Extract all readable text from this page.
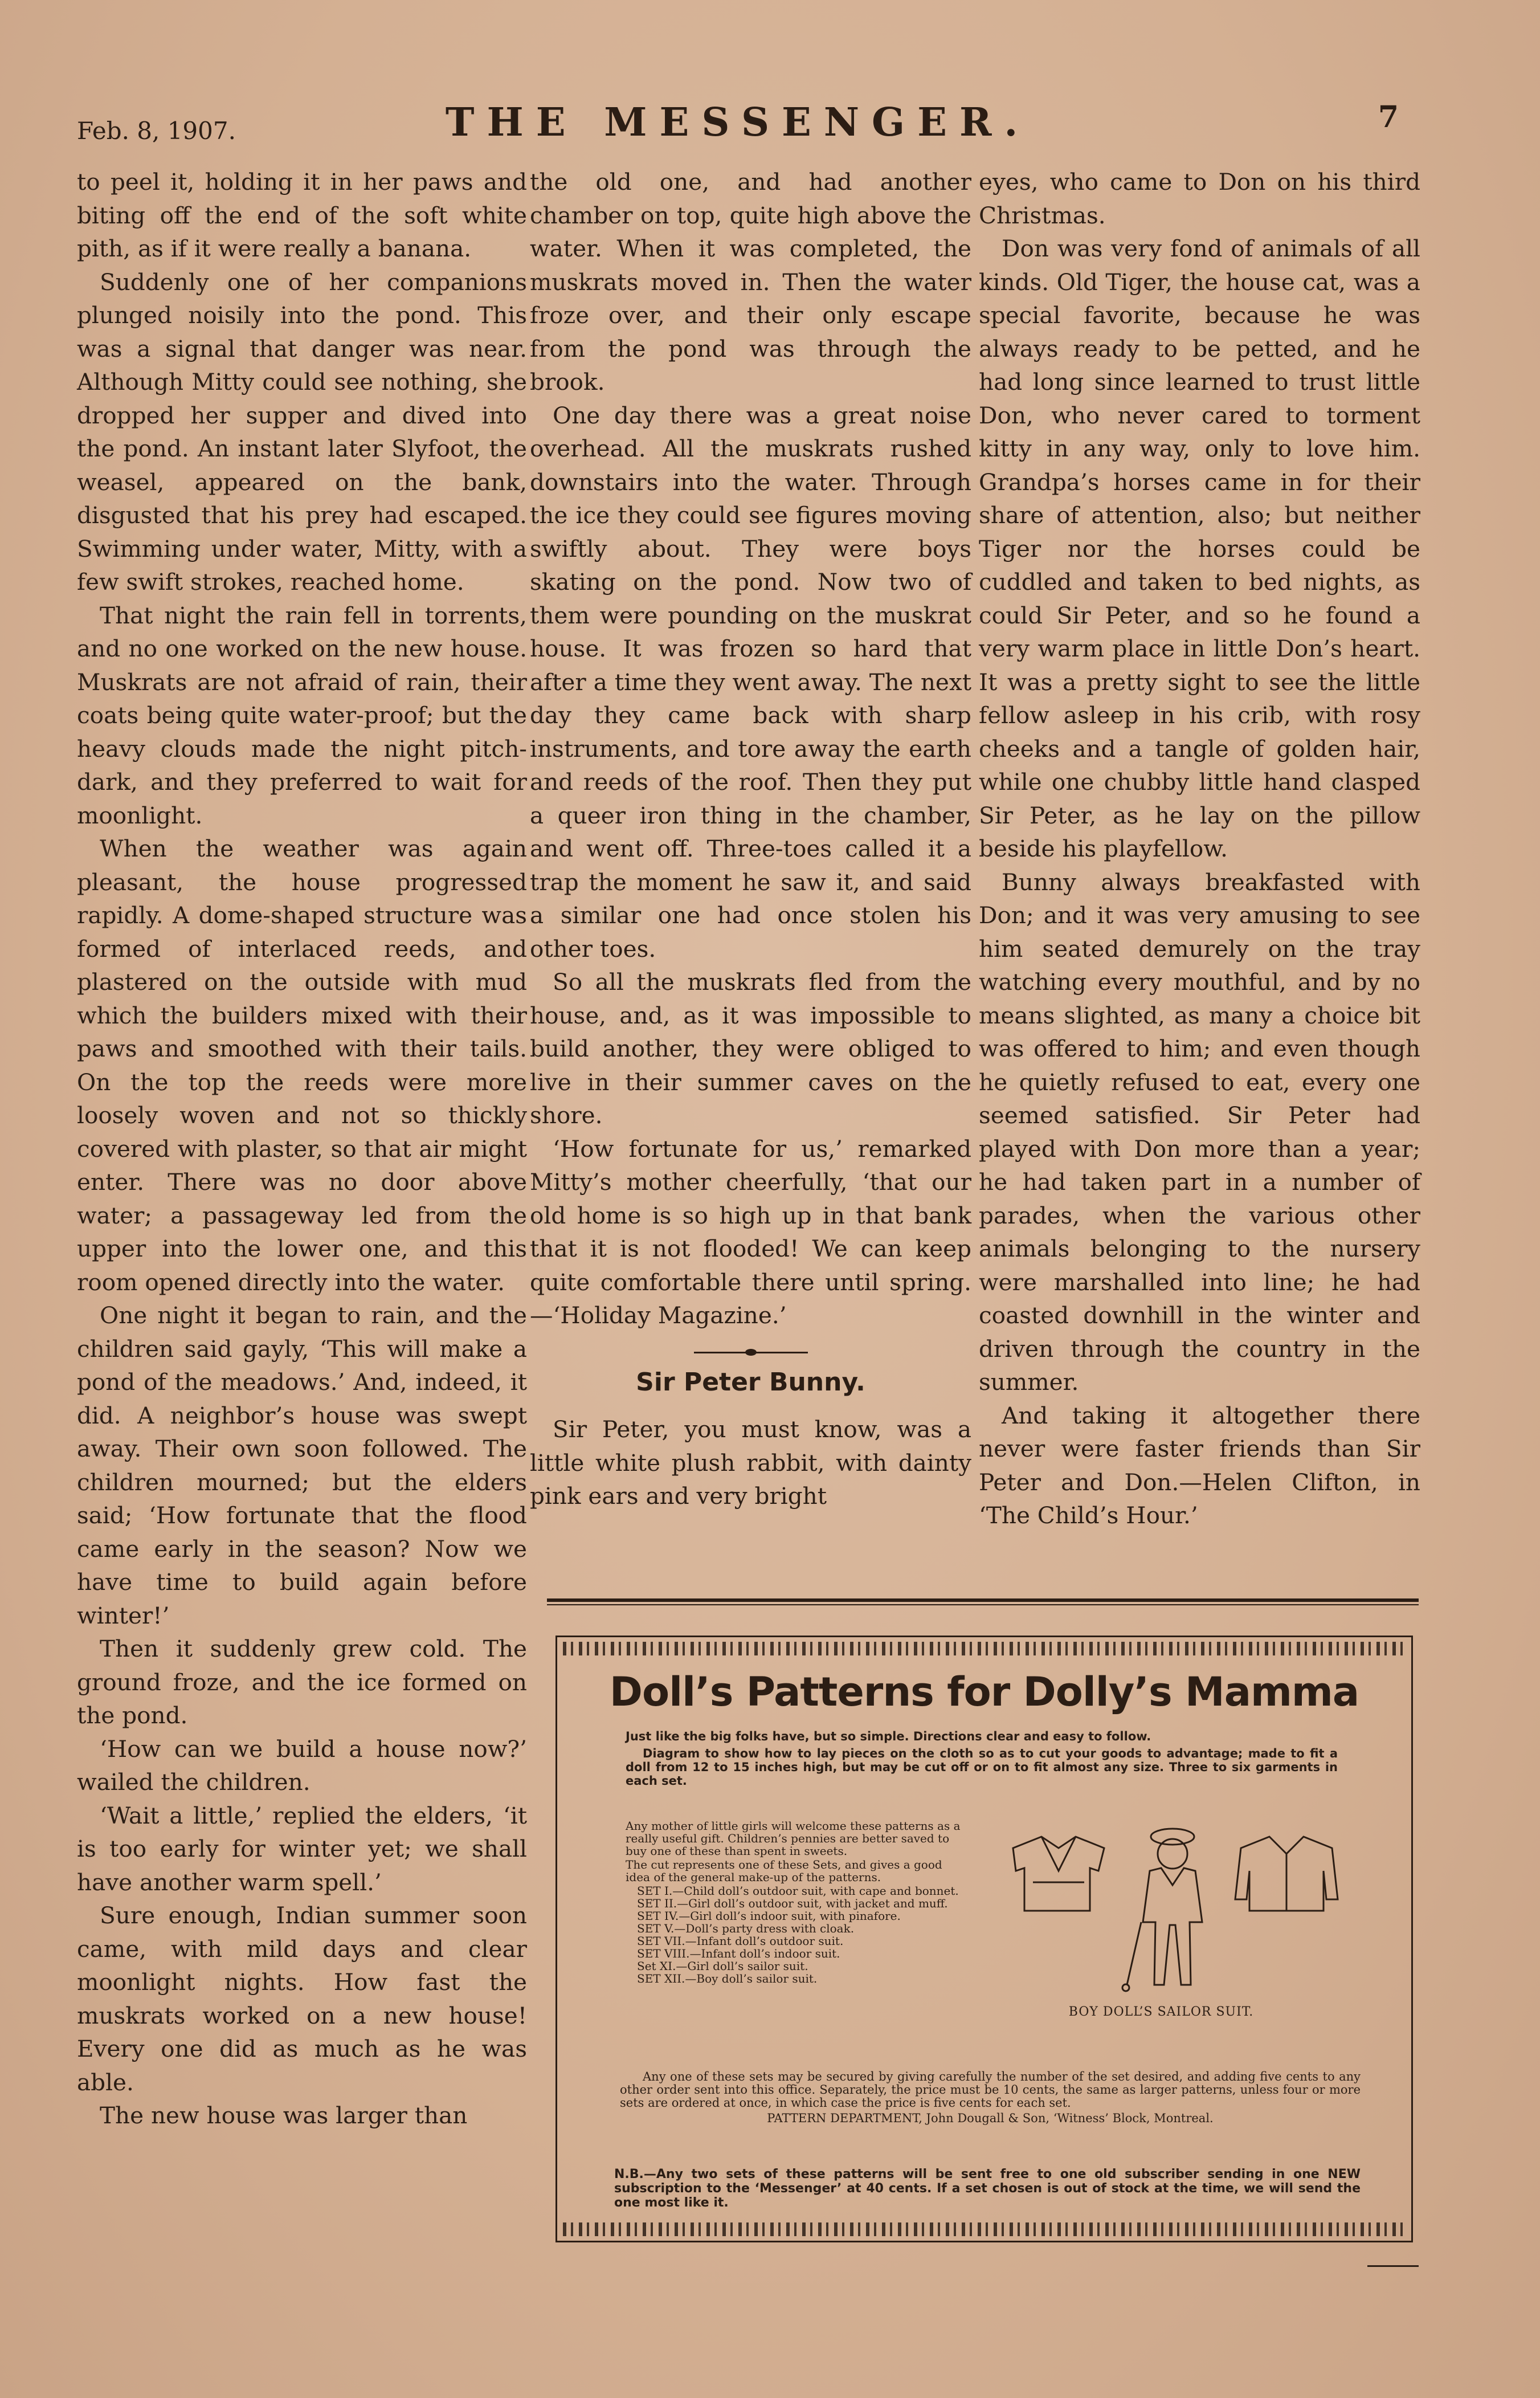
Feb. 8, 1907.	THE MESSENGER.	7

to peel it, holding it in her paws and biting off the end of the soft white pith, as if it were really a banana.

Suddenly one of her companions plunged noisily into the pond. This was a signal that danger was near. Although Mitty could see nothing, she dropped her supper and dived into the pond. An instant later Slyfoot, the weasel, appeared on the bank, disgusted that his prey had escaped. Swimming under water, Mitty, with a few swift strokes, reached home.

That night the rain fell in torrents, and no one worked on the new house. Muskrats are not afraid of rain, their coats being quite water-proof; but the heavy clouds made the night pitch-dark, and they preferred to wait for moonlight.

When the weather was again pleasant, the house progressed rapidly. A dome-shaped structure was formed of interlaced reeds, and plastered on the outside with mud which the builders mixed with their paws and smoothed with their tails. On the top the reeds were more loosely woven and not so thickly covered with plaster, so that air might enter. There was no door above water; a passageway led from the upper into the lower one, and this room opened directly into the water.

One night it began to rain, and the children said gayly, ‘This will make a pond of the meadows.’ And, indeed, it did. A neighbor’s house was swept away. Their own soon followed. The children mourned; but the elders said; ‘How fortunate that the flood came early in the season? Now we have time to build again before winter!’

Then it suddenly grew cold. The ground froze, and the ice formed on the pond.

‘How can we build a house now?’ wailed the children.

‘Wait a little,’ replied the elders, ‘it is too early for winter yet; we shall have another warm spell.’

Sure enough, Indian summer soon came, with mild days and clear moonlight nights. How fast the muskrats worked on a new house! Every one did as much as he was able.

The new house was larger than

the old one, and had another chamber on top, quite high above the water. When it was completed, the muskrats moved in. Then the water froze over, and their only escape from the pond was through the brook.

One day there was a great noise overhead. All the muskrats rushed downstairs into the water. Through the ice they could see figures moving swiftly about. They were boys skating on the pond. Now two of them were pounding on the muskrat house. It was frozen so hard that after a time they went away. The next day they came back with sharp instruments, and tore away the earth and reeds of the roof. Then they put a queer iron thing in the chamber, and went off. Three-toes called it a trap the moment he saw it, and said a similar one had once stolen his other toes.

So all the muskrats fled from the house, and, as it was impossible to build another, they were obliged to live in their summer caves on the shore.

‘How fortunate for us,’ remarked Mitty’s mother cheerfully, ‘that our old home is so high up in that bank that it is not flooded! We can keep quite comfortable there until spring.—‘Holiday Magazine.’

Sir Peter Bunny.

Sir Peter, you must know, was a little white plush rabbit, with dainty pink ears and very bright

eyes, who came to Don on his third Christmas.

Don was very fond of animals of all kinds. Old Tiger, the house cat, was a special favorite, because he was always ready to be petted, and he had long since learned to trust little Don, who never cared to torment kitty in any way, only to love him. Grandpa’s horses came in for their share of attention, also; but neither Tiger nor the horses could be cuddled and taken to bed nights, as could Sir Peter, and so he found a very warm place in little Don’s heart. It was a pretty sight to see the little fellow asleep in his crib, with rosy cheeks and a tangle of golden hair, while one chubby little hand clasped Sir Peter, as he lay on the pillow beside his playfellow.

Bunny always breakfasted with Don; and it was very amusing to see him seated demurely on the tray watching every mouthful, and by no means slighted, as many a choice bit was offered to him; and even though he quietly refused to eat, every one seemed satisfied. Sir Peter had played with Don more than a year; he had taken part in a number of parades, when the various other animals belonging to the nursery were marshalled into line; he had coasted downhill in the winter and driven through the country in the summer.

And taking it altogether there never were faster friends than Sir Peter and Don.—Helen Clifton, in ‘The Child’s Hour.’

Doll’s Patterns for Dolly’s Mamma
Just like the big folks have, but so simple. Directions clear and easy to follow.
Diagram to show how to lay pieces on the cloth so as to cut your goods to advantage; made to fit a doll from 12 to 15 inches high, but may be cut off or on to fit almost any size. Three to six garments in each set.

Any mother of little girls will welcome these patterns as a really useful gift. Children’s pennies are better saved to buy one of these than spent in sweets.

The cut represents one of these Sets, and gives a good idea of the general make-up of the patterns.

SET I.—Child doll’s outdoor suit, with cape and bonnet.

SET II.—Girl doll’s outdoor suit, with jacket and muff.

SET IV.—Girl doll’s indoor suit, with pinafore.

SET V.—Doll’s party dress with cloak.

SET VII.—Infant doll’s outdoor suit.

SET VIII.—Infant doll’s indoor suit.

Set XI.—Girl doll’s sailor suit.

SET XII.—Boy doll’s sailor suit.

BOY DOLL’S SAILOR SUIT.

Any one of these sets may be secured by giving carefully the number of the set desired, and adding five cents to any other order sent into this office. Separately, the price must be 10 cents, the same as larger patterns, unless four or more sets are ordered at once, in which case the price is five cents for each set.

PATTERN DEPARTMENT, John Dougall & Son, ‘Witness’ Block, Montreal.

N.B.—Any two sets of these patterns will be sent free to one old subscriber sending in one NEW subscription to the ‘Messenger’ at 40 cents. If a set chosen is out of stock at the time, we will send the one most like it.
